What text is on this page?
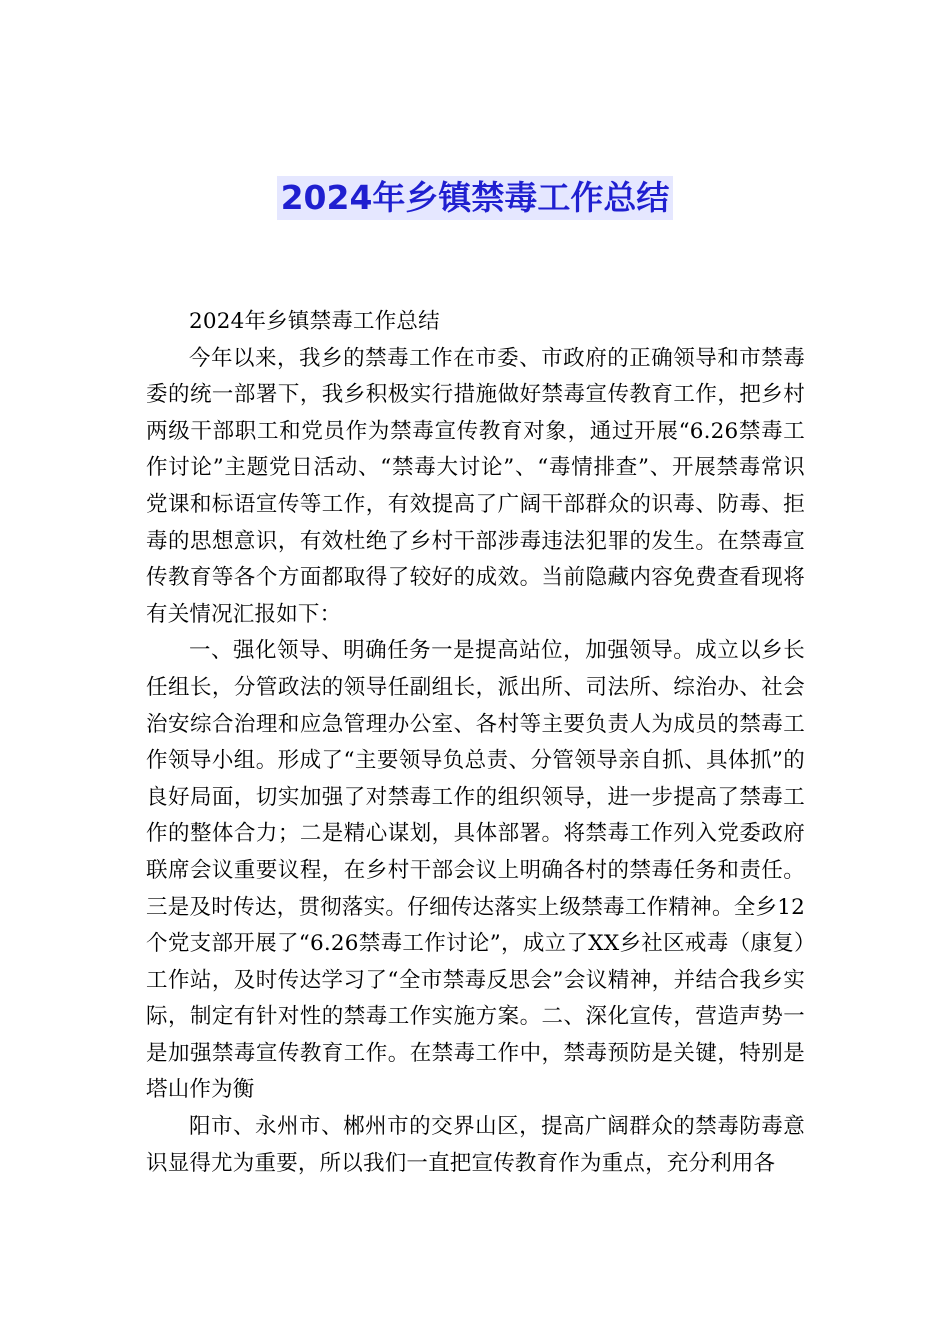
2024年乡镇禁毒工作总结

2024年乡镇禁毒工作总结

今年以来，我乡的禁毒工作在市委、市政府的正确领导和市禁毒委的统一部署下，我乡积极实行措施做好禁毒宣传教育工作，把乡村两级干部职工和党员作为禁毒宣传教育对象，通过开展“6.26禁毒工作讨论”主题党日活动、“禁毒大讨论”、“毒情排查”、开展禁毒常识党课和标语宣传等工作，有效提高了广阔干部群众的识毒、防毒、拒毒的思想意识，有效杜绝了乡村干部涉毒违法犯罪的发生。在禁毒宣传教育等各个方面都取得了较好的成效。当前隐藏内容免费查看现将有关情况汇报如下：

一、强化领导、明确任务一是提高站位，加强领导。成立以乡长任组长，分管政法的领导任副组长，派出所、司法所、综治办、社会治安综合治理和应急管理办公室、各村等主要负责人为成员的禁毒工作领导小组。形成了“主要领导负总责、分管领导亲自抓、具体抓”的良好局面，切实加强了对禁毒工作的组织领导，进一步提高了禁毒工作的整体合力；二是精心谋划，具体部署。将禁毒工作列入党委政府联席会议重要议程，在乡村干部会议上明确各村的禁毒任务和责任。三是及时传达，贯彻落实。仔细传达落实上级禁毒工作精神。全乡12个党支部开展了“6.26禁毒工作讨论”，成立了XX乡社区戒毒（康复）工作站，及时传达学习了“全市禁毒反思会”会议精神，并结合我乡实际，制定有针对性的禁毒工作实施方案。二、深化宣传，营造声势一是加强禁毒宣传教育工作。在禁毒工作中，禁毒预防是关键，特别是塔山作为衡

阳市、永州市、郴州市的交界山区，提高广阔群众的禁毒防毒意识显得尤为重要，所以我们一直把宣传教育作为重点，充分利用各
